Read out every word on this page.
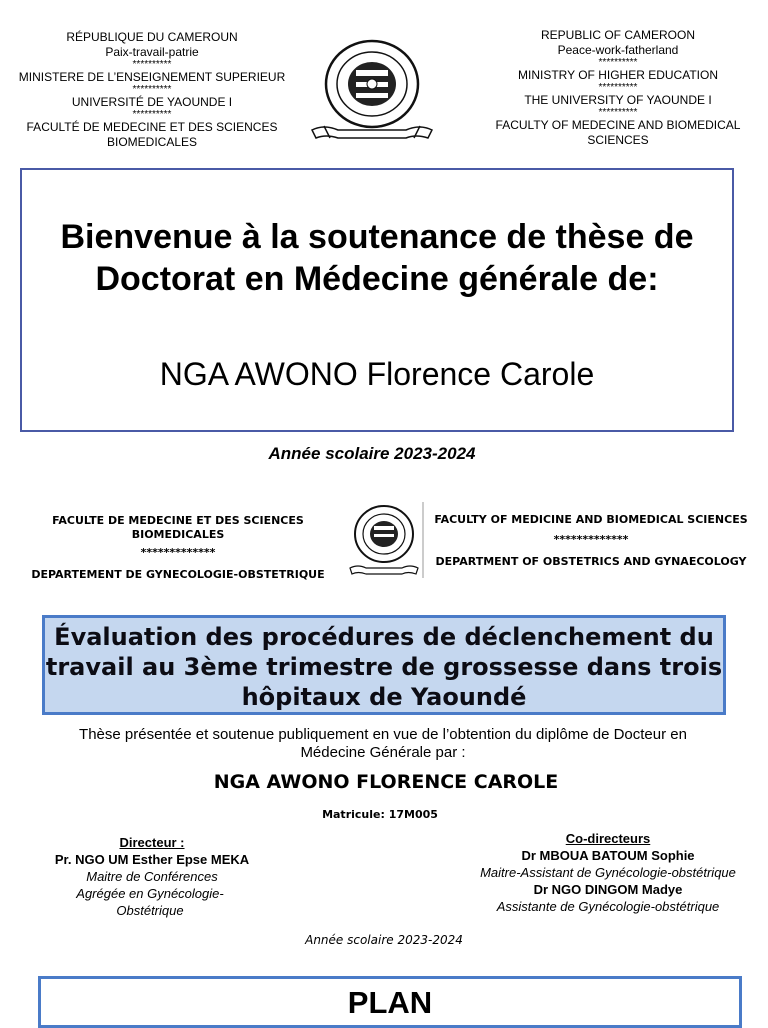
RÉPUBLIQUE DU CAMEROUN
Paix-travail-patrie
**********
MINISTERE DE L’ENSEIGNEMENT SUPERIEUR
**********
UNIVERSITÉ DE YAOUNDE I
**********
FACULTÉ DE MEDECINE ET DES SCIENCES BIOMEDICALES
REPUBLIC OF CAMEROON
Peace-work-fatherland
**********
MINISTRY OF HIGHER EDUCATION
**********
THE UNIVERSITY OF YAOUNDE I
**********
FACULTY OF MEDECINE AND BIOMEDICAL SCIENCES
Bienvenue à la soutenance de thèse de Doctorat en Médecine générale de:
NGA AWONO Florence Carole
Année scolaire 2023-2024
FACULTE DE MEDECINE ET DES SCIENCES BIOMEDICALES
*************
DEPARTEMENT DE GYNECOLOGIE-OBSTETRIQUE
FACULTY OF MEDICINE AND BIOMEDICAL SCIENCES
*************
DEPARTMENT OF OBSTETRICS AND GYNAECOLOGY
Évaluation des procédures de déclenchement du travail au 3ème trimestre de grossesse dans trois hôpitaux de Yaoundé
Thèse présentée et soutenue publiquement en vue de l’obtention du diplôme de Docteur en Médecine Générale par :
NGA AWONO FLORENCE CAROLE
Matricule: 17M005
Directeur :
Pr. NGO UM Esther Epse MEKA
Maitre de Conférences
Agrégée en Gynécologie-Obstétrique
Co-directeurs
Dr MBOUA BATOUM Sophie
Maitre-Assistant de Gynécologie-obstétrique
Dr NGO DINGOM Madye
Assistante de Gynécologie-obstétrique
Année scolaire 2023-2024
PLAN
